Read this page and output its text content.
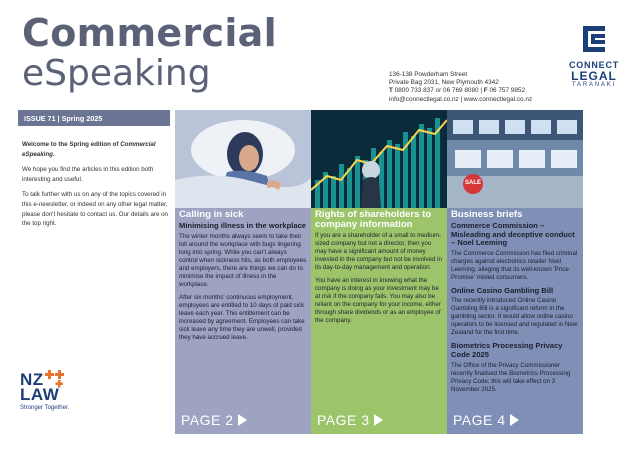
Commercial
eSpeaking	136-138 Powderham Street
Private Bag 2031, New Plymouth 4342
T 0800 733 837 or 06 769 8080 | F 06 757 9852
info@connectlegal.co.nz | www.connectlegal.co.nz
CONNECT
LEGAL
TARANAKI
ISSUE 71 | Spring 2025

Welcome to the Spring edition of Commercial eSpeaking.

We hope you find the articles in this edition both interesting and useful.

To talk further with us on any of the topics covered in this e-newsletter, or indeed on any other legal matter, please don't hesitate to contact us. Our details are on the top right.

NZ
LAW
Stronger Together.
Calling in sick
Minimising illness in the workplace

The winter months always seem to take their toll around the workplace with bugs lingering long into spring. While you can't always control when sickness hits, as both employees and employers, there are things we can do to minimise the impact of illness in the workplace.

After six months' continuous employment, employees are entitled to 10 days of paid sick leave each year. This entitlement can be increased by agreement. Employees can take sick leave any time they are unwell, provided they have accrued leave.

PAGE 2
Rights of shareholders to company information

If you are a shareholder of a small to medium-sized company but not a director, then you may have a significant amount of money invested in the company but not be involved in its day-to-day management and operation.

You have an interest in knowing what the company is doing as your investment may be at risk if the company fails. You may also be reliant on the company for your income, either through share dividends or as an employee of the company.

PAGE 3
SALE
Business briefs
Commerce Commission – Misleading and deceptive conduct – Noel Leeming

The Commerce Commission has filed criminal charges against electronics retailer Noel Leeming, alleging that its well-known 'Price Promise' misled consumers.

Online Casino Gambling Bill

The recently introduced Online Casino Gambling Bill is a significant reform in the gambling sector. It would allow online casino operators to be licensed and regulated in New Zealand for the first time.

Biometrics Processing Privacy Code 2025

The Office of the Privacy Commissioner recently finalised the Biometrics Processing Privacy Code; this will take effect on 3 November 2025.

PAGE 4
